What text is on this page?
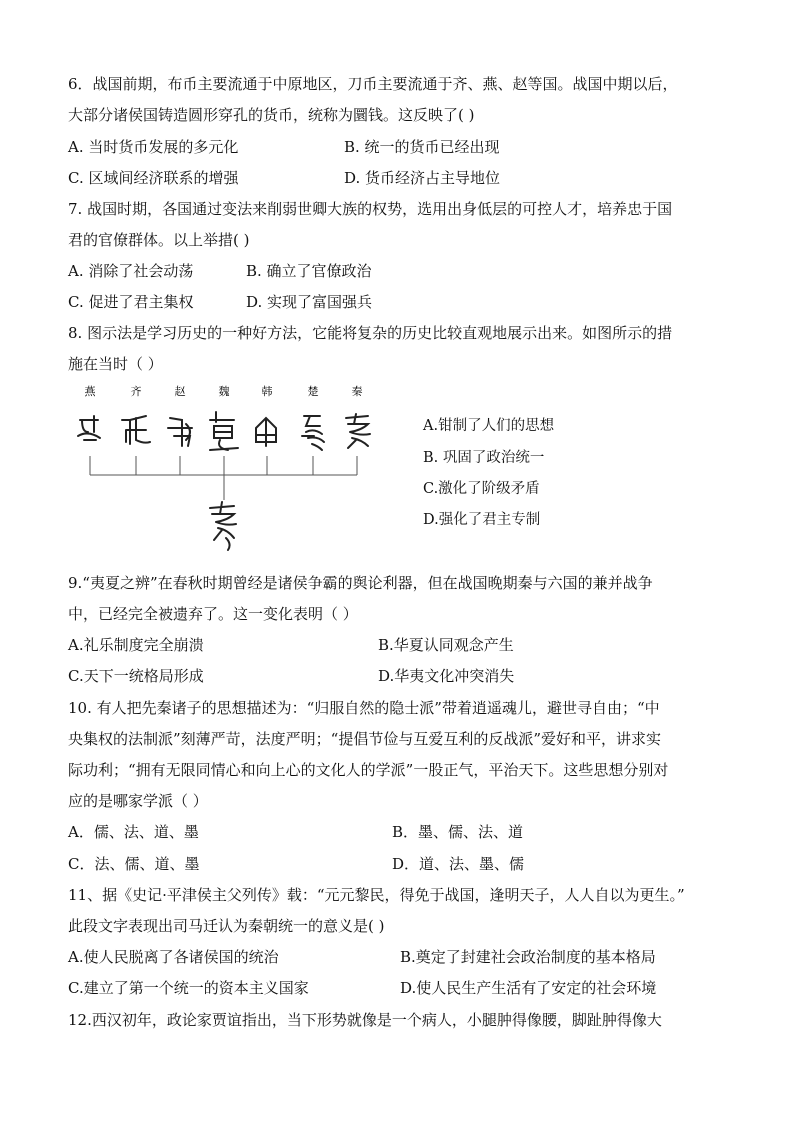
6．战国前期，布币主要流通于中原地区，刀币主要流通于齐、燕、赵等国。战国中期以后，
大部分诸侯国铸造圆形穿孔的货币，统称为圜钱。这反映了( )
A. 当时货币发展的多元化	B. 统一的货币已经出现
C. 区域间经济联系的增强	D. 货币经济占主导地位
7. 战国时期，各国通过变法来削弱世卿大族的权势，选用出身低层的可控人才，培养忠于国
君的官僚群体。以上举措( )
A. 消除了社会动荡	B. 确立了官僚政治
C. 促进了君主集权	D. 实现了富国强兵
8. 图示法是学习历史的一种好方法，它能将复杂的历史比较直观地展示出来。如图所示的措
施在当时（ ）
燕	齐	赵	魏	韩	楚	秦
A.钳制了人们的思想
B. 巩固了政治统一
C.激化了阶级矛盾
D.强化了君主专制
9.“夷夏之辨”在春秋时期曾经是诸侯争霸的舆论利器，但在战国晚期秦与六国的兼并战争
中，已经完全被遗弃了。这一变化表明（ ）
A.礼乐制度完全崩溃	B.华夏认同观念产生
C.天下一统格局形成	D.华夷文化冲突消失
10. 有人把先秦诸子的思想描述为：“归服自然的隐士派”带着逍遥魂儿，避世寻自由；“中
央集权的法制派”刻薄严苛，法度严明；“提倡节俭与互爱互利的反战派”爱好和平，讲求实
际功利；“拥有无限同情心和向上心的文化人的学派”一股正气，平治天下。这些思想分别对
应的是哪家学派（ ）
A．儒、法、道、墨	B．墨、儒、法、道
C．法、儒、道、墨	D．道、法、墨、儒
11、据《史记·平津侯主父列传》载：“元元黎民，得免于战国，逢明天子，人人自以为更生。”
此段文字表现出司马迁认为秦朝统一的意义是( )
A.使人民脱离了各诸侯国的统治	B.奠定了封建社会政治制度的基本格局
C.建立了第一个统一的资本主义国家	D.使人民生产生活有了安定的社会环境
12.西汉初年，政论家贾谊指出，当下形势就像是一个病人，小腿肿得像腰，脚趾肿得像大
